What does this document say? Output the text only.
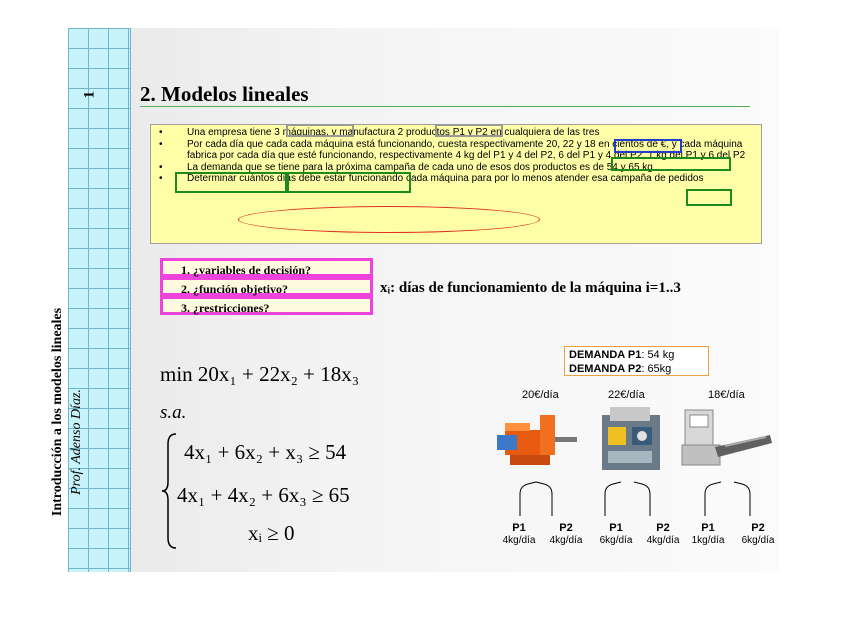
1
Introducción a los modelos lineales Prof. Adenso Díaz.
2. Modelos lineales
• Una empresa tiene 3 máquinas, y manufactura 2 productos P1 y P2 en cualquiera de las tres
• Por cada día que cada cada máquina está funcionando, cuesta respectivamente 20, 22 y 18 en cientos de €, y cada máquina fabrica por cada día que esté funcionando, respectivamente 4 kg del P1 y 4 del P2, 6 del P1 y 4 del P2, 1 kg del P1 y 6 del P2
• La demanda que se tiene para la próxima campaña de cada uno de esos dos productos es de 54 y 65 kg
• Determinar cuántos días debe estar funcionando cada máquina para por lo menos atender esa campaña de pedidos
1. ¿variables de decisión?
2. ¿función objetivo?
3. ¿restricciones?
xᵢ: días de funcionamiento de la máquina i=1..3
min 20x₁ + 22x₂ + 18x₃
s.a.
4x₁ + 6x₂ + x₃ ≥ 54
4x₁ + 4x₂ + 6x₃ ≥ 65
xᵢ ≥ 0
DEMANDA P1: 54 kg
DEMANDA P2: 65kg
20€/día	22€/día	18€/día
P1
4kg/día
P2
4kg/día
P1
6kg/día
P2
4kg/día
P1
1kg/día
P2
6kg/día
